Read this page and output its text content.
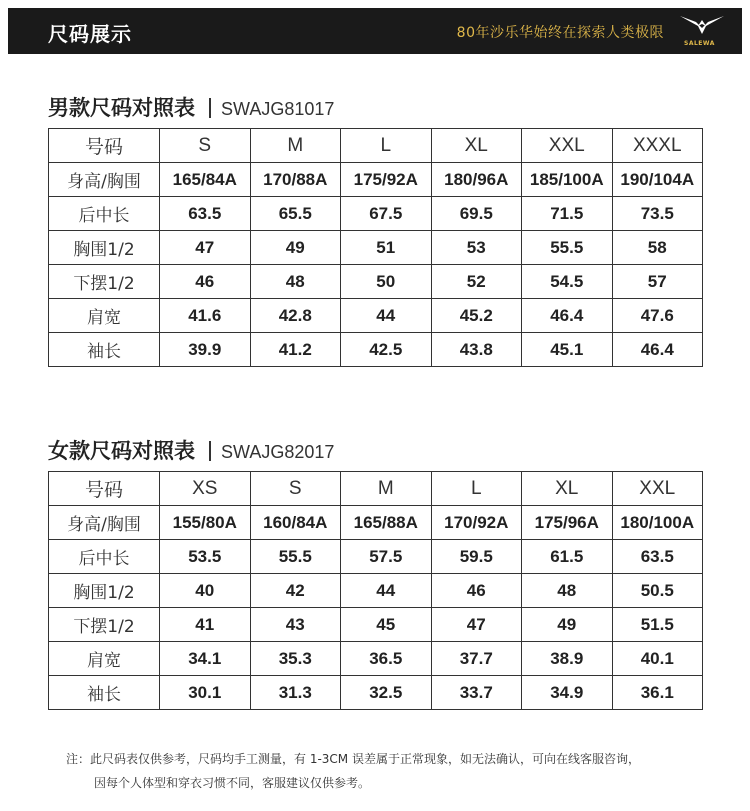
尺码展示	80年沙乐华始终在探索人类极限
SALEWA
男款尺码对照表 SWAJG81017
号码	S	M	L	XL	XXL	XXXL
身高/胸围	165/84A	170/88A	175/92A	180/96A	185/100A	190/104A
后中长	63.5	65.5	67.5	69.5	71.5	73.5
胸围1/2	47	49	51	53	55.5	58
下摆1/2	46	48	50	52	54.5	57
肩宽	41.6	42.8	44	45.2	46.4	47.6
袖长	39.9	41.2	42.5	43.8	45.1	46.4
女款尺码对照表 SWAJG82017
号码	XS	S	M	L	XL	XXL
身高/胸围	155/80A	160/84A	165/88A	170/92A	175/96A	180/100A
后中长	53.5	55.5	57.5	59.5	61.5	63.5
胸围1/2	40	42	44	46	48	50.5
下摆1/2	41	43	45	47	49	51.5
肩宽	34.1	35.3	36.5	37.7	38.9	40.1
袖长	30.1	31.3	32.5	33.7	34.9	36.1
注：此尺码表仅供参考，尺码均手工测量，有 1-3CM 误差属于正常现象，如无法确认，可向在线客服咨询，
因每个人体型和穿衣习惯不同，客服建议仅供参考。
